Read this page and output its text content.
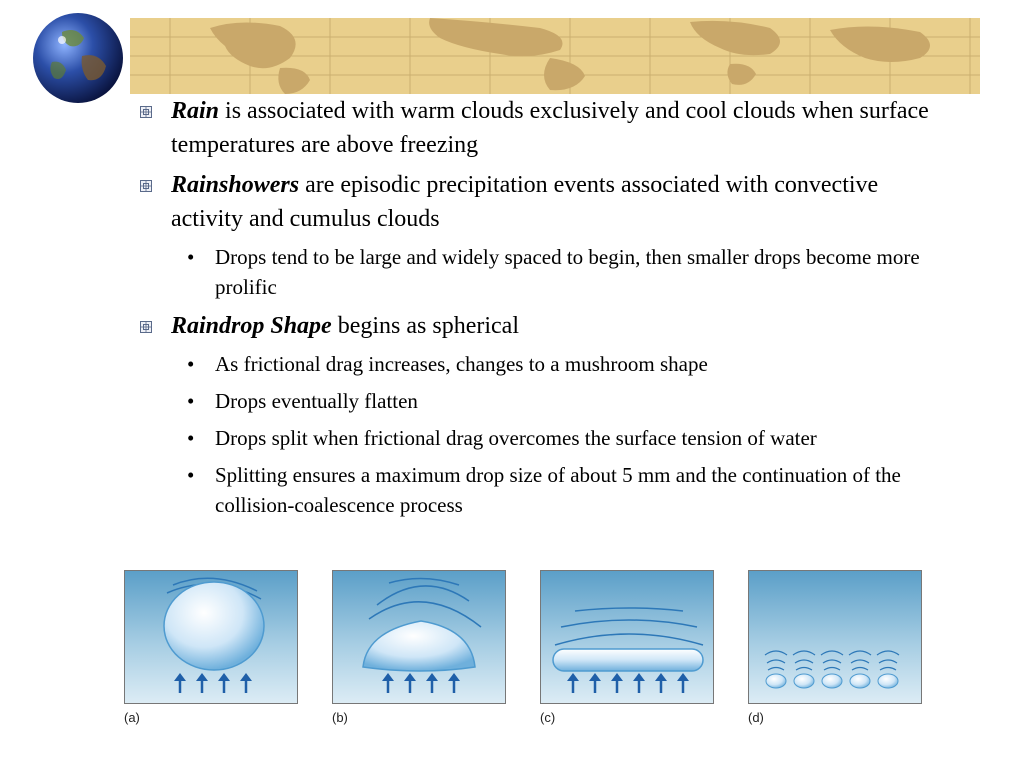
Rain is associated with warm clouds exclusively and cool clouds when surface temperatures are above freezing
Rainshowers are episodic precipitation events associated with convective activity and cumulus clouds
• Drops tend to be large and widely spaced to begin, then smaller drops become more prolific
Raindrop Shape begins as spherical
• As frictional drag increases, changes to a mushroom shape
• Drops eventually flatten
• Drops split when frictional drag overcomes the surface tension of water
• Splitting ensures a maximum drop size of about 5 mm and the continuation of the collision-coalescence process
(a)	(b)	(c)	(d)
